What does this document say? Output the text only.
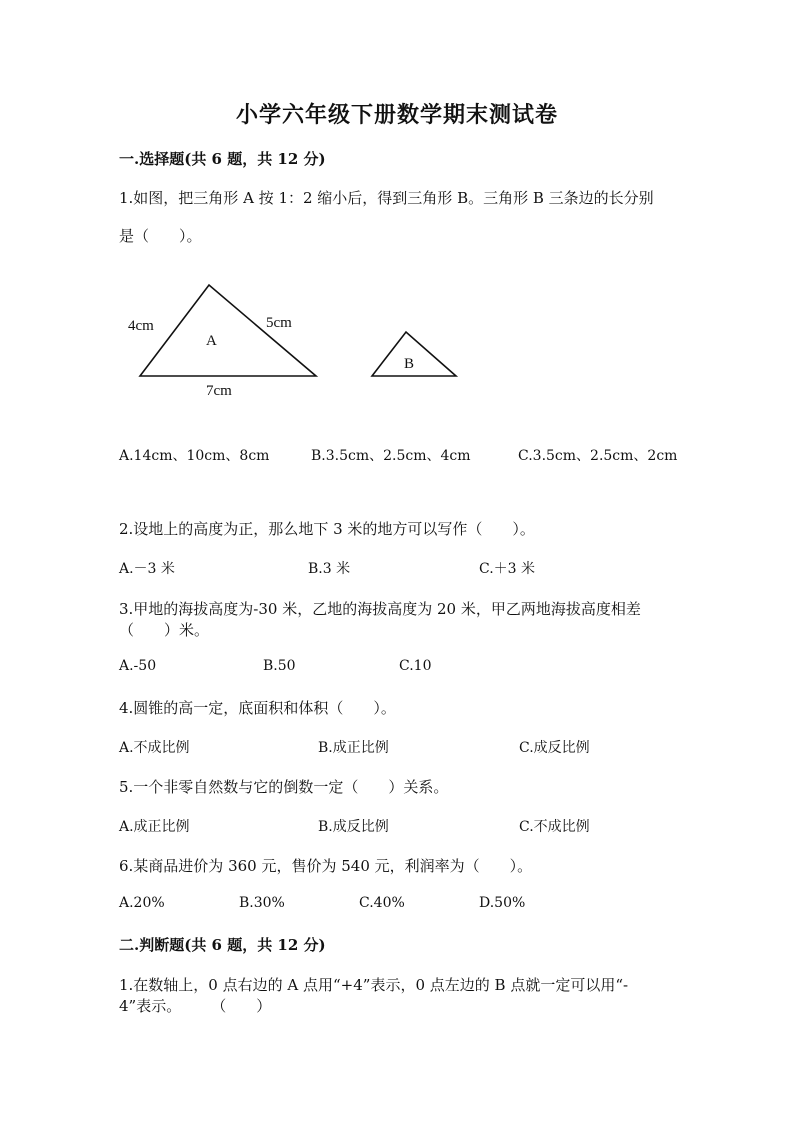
小学六年级下册数学期末测试卷
一.选择题(共 6 题，共 12 分)
1.如图，把三角形 A 按 1：2 缩小后，得到三角形 B。三角形 B 三条边的长分别
是（　　）。
4cm	5cm
7cm
A
B
A.14cm、10cm、8cm	B.3.5cm、2.5cm、4cm	C.3.5cm、2.5cm、2cm
2.设地上的高度为正，那么地下 3 米的地方可以写作（　　）。
A.－3 米	B.3 米	C.＋3 米
3.甲地的海拔高度为-30 米，乙地的海拔高度为 20 米，甲乙两地海拔高度相差
（　　）米。
A.-50	B.50	C.10
4.圆锥的高一定，底面积和体积（　　）。
A.不成比例	B.成正比例	C.成反比例
5.一个非零自然数与它的倒数一定（　　）关系。
A.成正比例	B.成反比例	C.不成比例
6.某商品进价为 360 元，售价为 540 元，利润率为（　　）。
A.20%	B.30%	C.40%	D.50%
二.判断题(共 6 题，共 12 分)
1.在数轴上，0 点右边的 A 点用“+4”表示，0 点左边的 B 点就一定可以用“-
4”表示。　　　（　　）
